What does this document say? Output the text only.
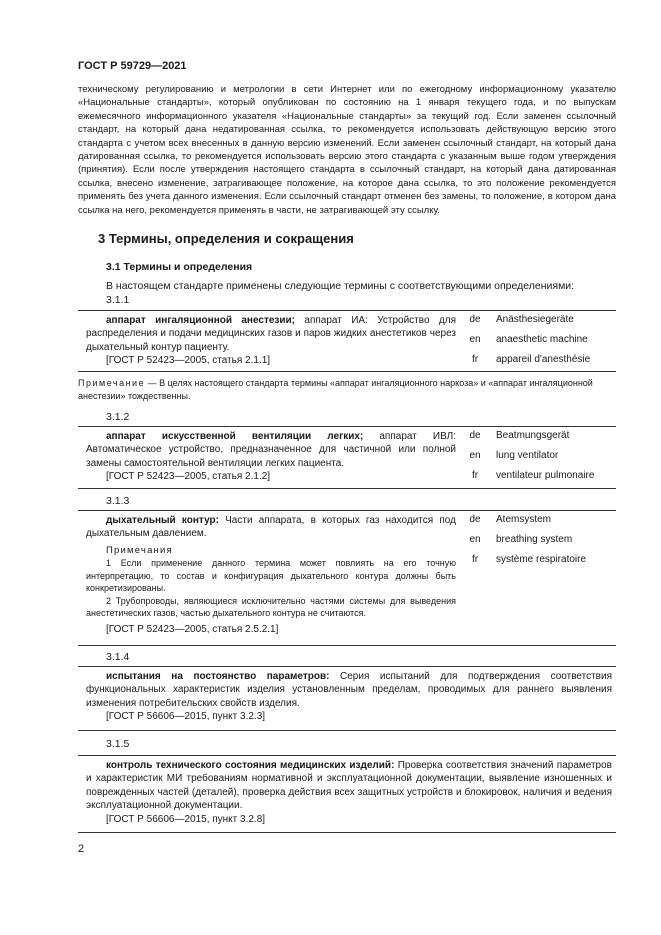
ГОСТ Р 59729—2021
техническому регулированию и метрологии в сети Интернет или по ежегодному информационному указателю «Национальные стандарты», который опубликован по состоянию на 1 января текущего года, и по выпускам ежемесячного информационного указателя «Национальные стандарты» за текущий год. Если заменен ссылочный стандарт, на который дана недатированная ссылка, то рекомендуется использовать действующую версию этого стандарта с учетом всех внесенных в данную версию изменений. Если заменен ссылочный стандарт, на который дана датированная ссылка, то рекомендуется использовать версию этого стандарта с указанным выше годом утверждения (принятия). Если после утверждения настоящего стандарта в ссылочный стандарт, на который дана датированная ссылка, внесено изменение, затрагивающее положение, на которое дана ссылка, то это положение рекомендуется применять без учета данного изменения. Если ссылочный стандарт отменен без замены, то положение, в котором дана ссылка на него, рекомендуется применять в части, не затрагивающей эту ссылку.
3 Термины, определения и сокращения
3.1 Термины и определения
В настоящем стандарте применены следующие термины с соответствующими определениями:
3.1.1

аппарат ингаляционной анестезии; аппарат ИА: Устройство для распределения и подачи медицинских газов и паров жидких анестетиков через дыхательный контур пациенту.

[ГОСТ Р 52423—2005, статья 2.1.1]

de	Anästhesiegeräte
en	anaesthetic machine
fr	appareil d'anesthésie
Примечание — В целях настоящего стандарта термины «аппарат ингаляционного наркоза» и «аппарат ингаляционной анестезии» тождественны.
3.1.2

аппарат искусственной вентиляции легких; аппарат ИВЛ: Автоматическое устройство, предназначенное для частичной или полной замены самостоятельной вентиляции легких пациента.

[ГОСТ Р 52423—2005, статья 2.1.2]

de	Beatmungsgerät
en	lung ventilator
fr	ventilateur pulmonaire
3.1.3

дыхательный контур: Части аппарата, в которых газ находится под дыхательным давлением.

Примечания

1 Если применение данного термина может повлиять на его точную интерпретацию, то состав и конфигурация дыхательного контура должны быть конкретизированы.

2 Трубопроводы, являющиеся исключительно частями системы для выведения анестетических газов, частью дыхательного контура не считаются.

[ГОСТ Р 52423—2005, статья 2.5.2.1]

de	Atemsystem
en	breathing system
fr	système respiratoire
3.1.4

испытания на постоянство параметров: Серия испытаний для подтверждения соответствия функциональных характеристик изделия установленным пределам, проводимых для раннего выявления изменения потребительских свойств изделия.

[ГОСТ Р 56606—2015, пункт 3.2.3]

3.1.5

контроль технического состояния медицинских изделий: Проверка соответствия значений параметров и характеристик МИ требованиям нормативной и эксплуатационной документации, выявление изношенных и поврежденных частей (деталей), проверка действия всех защитных устройств и блокировок, наличия и ведения эксплуатационной документации.

[ГОСТ Р 56606—2015, пункт 3.2.8]

2
